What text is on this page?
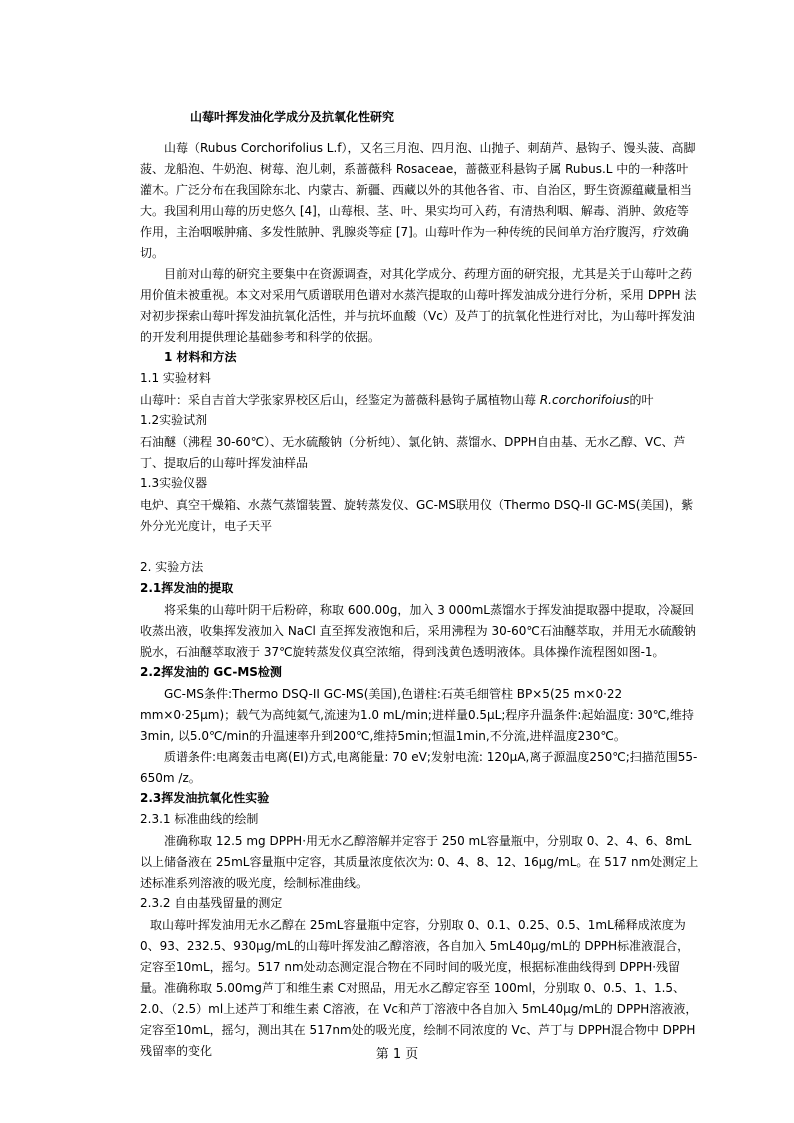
山莓叶挥发油化学成分及抗氧化性研究

山莓（Rubus Corchorifolius L.f），又名三月泡、四月泡、山抛子、刺葫芦、悬钩子、馒头菠、高脚菠、龙船泡、牛奶泡、树莓、泡儿刺，系蔷薇科 Rosaceae，蔷薇亚科悬钩子属 Rubus.L 中的一种落叶灌木。广泛分布在我国除东北、内蒙古、新疆、西藏以外的其他各省、市、自治区，野生资源蕴藏量相当大。我国利用山莓的历史悠久 [4]，山莓根、茎、叶、果实均可入药，有清热利咽、解毒、消肿、敛疮等作用，主治咽喉肿痛、多发性脓肿、乳腺炎等症 [7]。山莓叶作为一种传统的民间单方治疗腹泻，疗效确切。

目前对山莓的研究主要集中在资源调查，对其化学成分、药理方面的研究报，尤其是关于山莓叶之药用价值未被重视。本文对采用气质谱联用色谱对水蒸汽提取的山莓叶挥发油成分进行分析，采用 DPPH 法对初步探索山莓叶挥发油抗氧化活性，并与抗坏血酸（Vc）及芦丁的抗氧化性进行对比，为山莓叶挥发油的开发利用提供理论基础参考和科学的依据。

1 材料和方法
1.1 实验材料

山莓叶：采自吉首大学张家界校区后山，经鉴定为蔷薇科悬钩子属植物山莓 R.corchorifoius的叶

1.2实验试剂

石油醚（沸程 30-60℃）、无水硫酸钠（分析纯）、氯化钠、蒸馏水、DPPH自由基、无水乙醇、VC、芦丁、提取后的山莓叶挥发油样品

1.3实验仪器

电炉、真空干燥箱、水蒸气蒸馏装置、旋转蒸发仪、GC-MS联用仪（Thermo DSQ-II GC-MS(美国)，紫外分光光度计，电子天平

2. 实验方法
2.1挥发油的提取

将采集的山莓叶阴干后粉碎，称取 600.00g，加入 3 000mL蒸馏水于挥发油提取器中提取，冷凝回收蒸出液，收集挥发液加入 NaCl 直至挥发液饱和后，采用沸程为 30-60℃石油醚萃取，并用无水硫酸钠脱水，石油醚萃取液于 37℃旋转蒸发仪真空浓缩，得到浅黄色透明液体。具体操作流程图如图-1。

2.2挥发油的 GC-MS检测

GC-MS条件:Thermo DSQ-II GC-MS(美国),色谱柱:石英毛细管柱 BP×5(25 m×0·22 mm×0·25μm)；载气为高纯氦气,流速为1.0 mL/min;进样量0.5μL;程序升温条件:起始温度: 30℃,维持3min, 以5.0℃/min的升温速率升到200℃,维持5min;恒温1min,不分流,进样温度230℃。

质谱条件:电离轰击电离(EI)方式,电离能量: 70 eV;发射电流: 120μA,离子源温度250℃;扫描范围55-650m /z。

2.3挥发油抗氧化性实验
2.3.1 标准曲线的绘制

准确称取 12.5 mg DPPH·用无水乙醇溶解并定容于 250 mL容量瓶中，分别取 0、2、4、6、8mL以上储备液在 25mL容量瓶中定容，其质量浓度依次为: 0、4、8、12、16μg/mL。在 517 nm处测定上述标准系列溶液的吸光度，绘制标准曲线。

2.3.2 自由基残留量的测定

取山莓叶挥发油用无水乙醇在 25mL容量瓶中定容，分别取 0、0.1、0.25、0.5、1mL稀释成浓度为 0、93、232.5、930μg/mL的山莓叶挥发油乙醇溶液，各自加入 5mL40μg/mL的 DPPH标准液混合，定容至10mL，摇匀。517 nm处动态测定混合物在不同时间的吸光度，根据标准曲线得到 DPPH·残留量。 准确称取 5.00mg芦丁和维生素 C对照品，用无水乙醇定容至 100ml，分别取 0、0.5、1、1.5、2.0、（2.5）ml上述芦丁和维生素 C溶液，在 Vc和芦丁溶液中各自加入 5mL40μg/mL的 DPPH溶液液，定容至10mL，摇匀，测出其在 517nm处的吸光度，绘制不同浓度的 Vc、芦丁与 DPPH混合物中 DPPH残留率的变化	第 1 页
